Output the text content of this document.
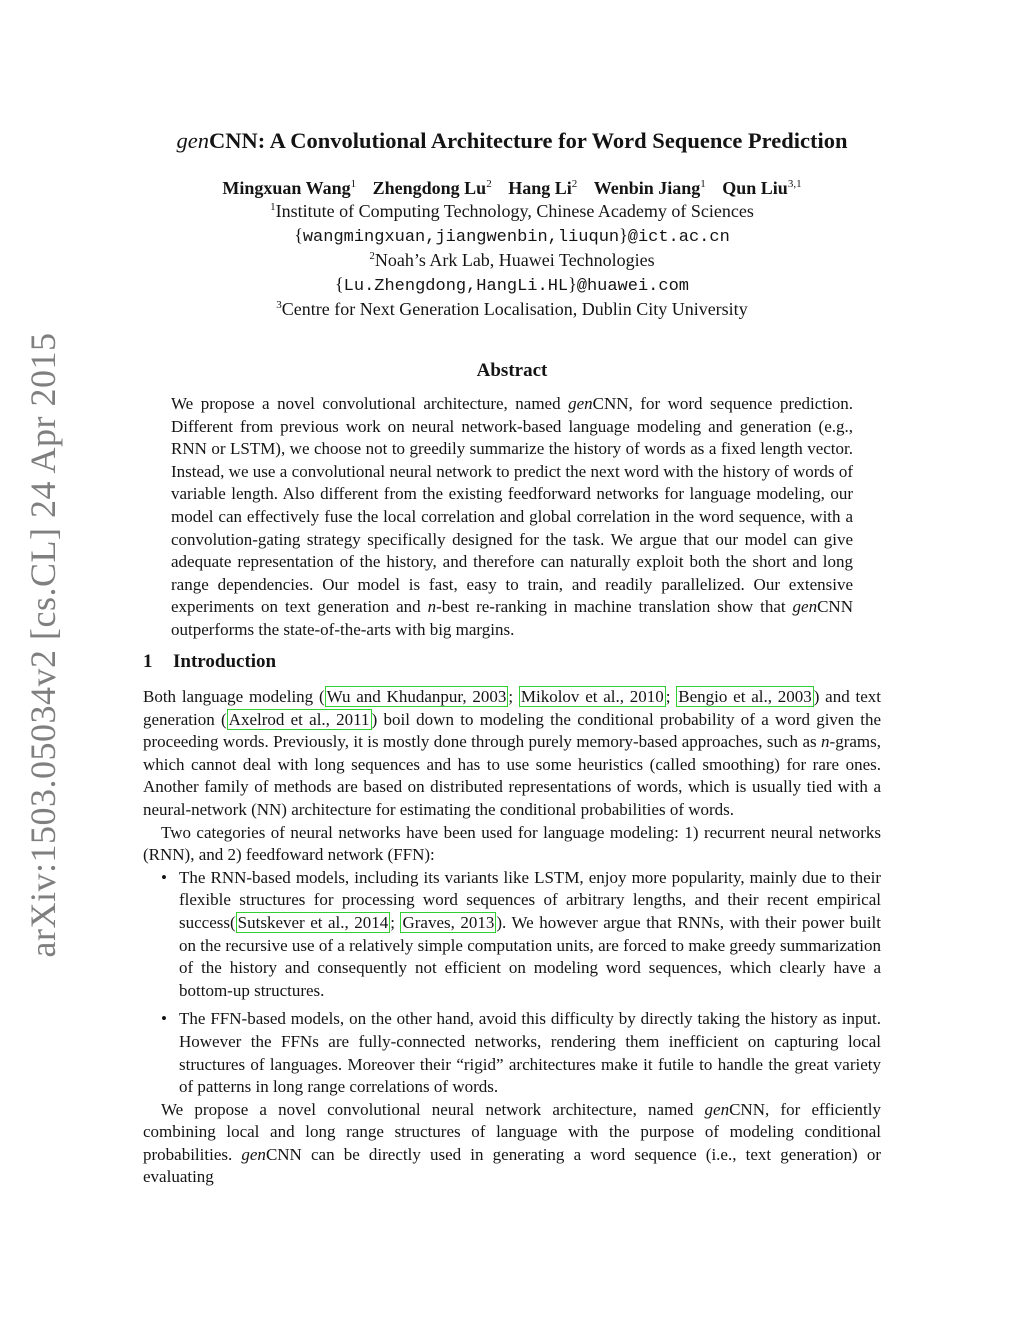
arXiv:1503.05034v2 [cs.CL] 24 Apr 2015
genCNN: A Convolutional Architecture for Word Sequence Prediction
Mingxuan Wang$^1$ Zhengdong Lu$^2$ Hang Li$^2$ Wenbin Jiang$^1$ Qun Liu$^{3,1}$
$^1$Institute of Computing Technology, Chinese Academy of Sciences
{wangmingxuan,jiangwenbin,liuqun}@ict.ac.cn
$^2$Noah’s Ark Lab, Huawei Technologies
{Lu.Zhengdong,HangLi.HL}@huawei.com
$^3$Centre for Next Generation Localisation, Dublin City University
Abstract

We propose a novel convolutional architecture, named genCNN, for word sequence prediction. Different from previous work on neural network-based language modeling and generation (e.g., RNN or LSTM), we choose not to greedily summarize the history of words as a fixed length vector. Instead, we use a convolutional neural network to predict the next word with the history of words of variable length. Also different from the existing feedforward networks for language modeling, our model can effectively fuse the local correlation and global correlation in the word sequence, with a convolution-gating strategy specifically designed for the task. We argue that our model can give adequate representation of the history, and therefore can naturally exploit both the short and long range dependencies. Our model is fast, easy to train, and readily parallelized. Our extensive experiments on text generation and n-best re-ranking in machine translation show that genCNN outperforms the state-of-the-arts with big margins.

1 Introduction

Both language modeling ( Wu and Khudanpur, 2003 ; Mikolov et al., 2010 ; Bengio et al., 2003 ) and text generation ( Axelrod et al., 2011 ) boil down to modeling the conditional probability of a word given the proceeding words. Previously, it is mostly done through purely memory-based approaches, such as n-grams, which cannot deal with long sequences and has to use some heuristics (called smoothing) for rare ones. Another family of methods are based on distributed representations of words, which is usually tied with a neural-network (NN) architecture for estimating the conditional probabilities of words.

Two categories of neural networks have been used for language modeling: 1) recurrent neural networks (RNN), and 2) feedfoward network (FFN):

• The RNN-based models, including its variants like LSTM, enjoy more popularity, mainly due to their flexible structures for processing word sequences of arbitrary lengths, and their recent empirical success( Sutskever et al., 2014 ; Graves, 2013 ). We however argue that RNNs, with their power built on the recursive use of a relatively simple computation units, are forced to make greedy summarization of the history and consequently not efficient on modeling word sequences, which clearly have a bottom-up structures.
• The FFN-based models, on the other hand, avoid this difficulty by directly taking the history as input. However the FFNs are fully-connected networks, rendering them inefficient on capturing local structures of languages. Moreover their “rigid” architectures make it futile to handle the great variety of patterns in long range correlations of words.

We propose a novel convolutional neural network architecture, named genCNN, for efficiently combining local and long range structures of language with the purpose of modeling conditional probabilities. genCNN can be directly used in generating a word sequence (i.e., text generation) or evaluating
